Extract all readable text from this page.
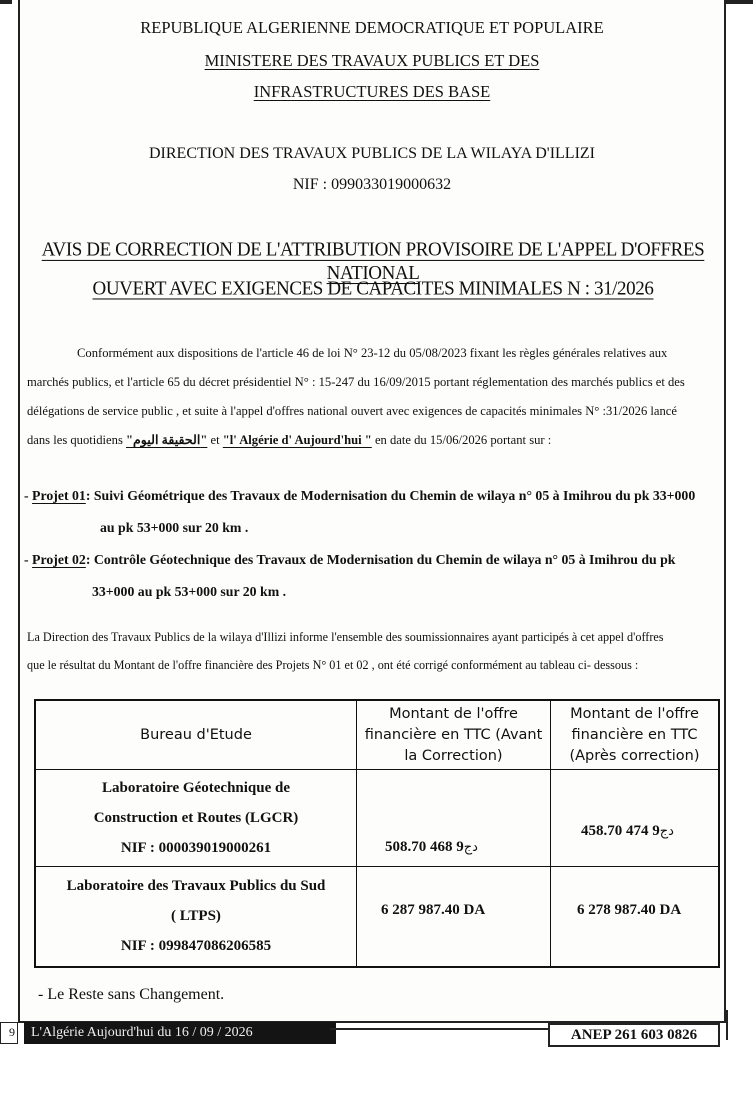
REPUBLIQUE ALGERIENNE DEMOCRATIQUE ET POPULAIRE
MINISTERE DES TRAVAUX PUBLICS ET DES
INFRASTRUCTURES DES BASE
DIRECTION DES TRAVAUX PUBLICS DE LA WILAYA D'ILLIZI
NIF : 099033019000632
AVIS DE CORRECTION DE L'ATTRIBUTION PROVISOIRE DE L'APPEL D'OFFRES NATIONAL
OUVERT AVEC EXIGENCES DE CAPACITES MINIMALES N : 31/2026
Conformément aux dispositions de l'article 46 de loi N° 23-12 du 05/08/2023 fixant les règles générales relatives aux
marchés publics, et l'article 65 du décret présidentiel N° : 15-247 du 16/09/2015 portant réglementation des marchés publics et des
délégations de service public , et suite à l'appel d'offres national ouvert avec exigences de capacités minimales N° :31/2026 lancé
dans les quotidiens "الحقيقة اليوم" et "l' Algérie d' Aujourd'hui " en date du 15/06/2026 portant sur :
- Projet 01: Suivi Géométrique des Travaux de Modernisation du Chemin de wilaya n° 05 à Imihrou du pk 33+000
au pk 53+000 sur 20 km .
- Projet 02: Contrôle Géotechnique des Travaux de Modernisation du Chemin de wilaya n° 05 à Imihrou du pk
33+000 au pk 53+000 sur 20 km .
La Direction des Travaux Publics de la wilaya d'Illizi informe l'ensemble des soumissionnaires ayant participés à cet appel d'offres
que le résultat du Montant de l'offre financière des Projets N° 01 et 02 , ont été corrigé conformément au tableau ci- dessous :
Bureau d'Etude	Montant de l'offre financière en TTC (Avant la Correction)	Montant de l'offre financière en TTC (Après correction)

Laboratoire Géotechnique de
Construction et Routes (LGCR)
NIF : 000039019000261	دج9 468 508.70	دج9 474 458.70

Laboratoire des Travaux Publics du Sud
( LTPS)
NIF : 099847086206585	6 287 987.40 DA	6 278 987.40 DA
- Le Reste sans Changement.
9	L'Algérie Aujourd'hui du 16 / 09 / 2026	ANEP 261 603 0826
